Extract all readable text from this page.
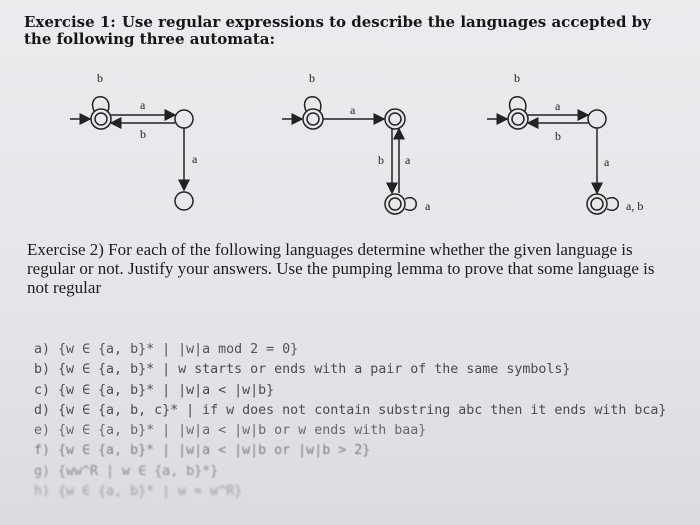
Exercise 1: Use regular expressions to describe the languages accepted by the following three automata:
b
a
b
a
b
a
b a
a
b
a
b
a
a, b
Exercise 2) For each of the following languages determine whether the given language is regular or not. Justify your answers. Use the pumping lemma to prove that some language is not regular
a) {w ∈ {a, b}* | |w|a mod 2 = 0}
b) {w ∈ {a, b}* | w starts or ends with a pair of the same symbols}
c) {w ∈ {a, b}* | |w|a < |w|b}
d) {w ∈ {a, b, c}* | if w does not contain substring abc then it ends with bca}
e) {w ∈ {a, b}* | |w|a < |w|b or w ends with baa}
f) {w ∈ {a, b}* | |w|a < |w|b or |w|b > 2}
g) {ww^R | w ∈ {a, b}*}
h) {w ∈ {a, b}* | w = w^R}
